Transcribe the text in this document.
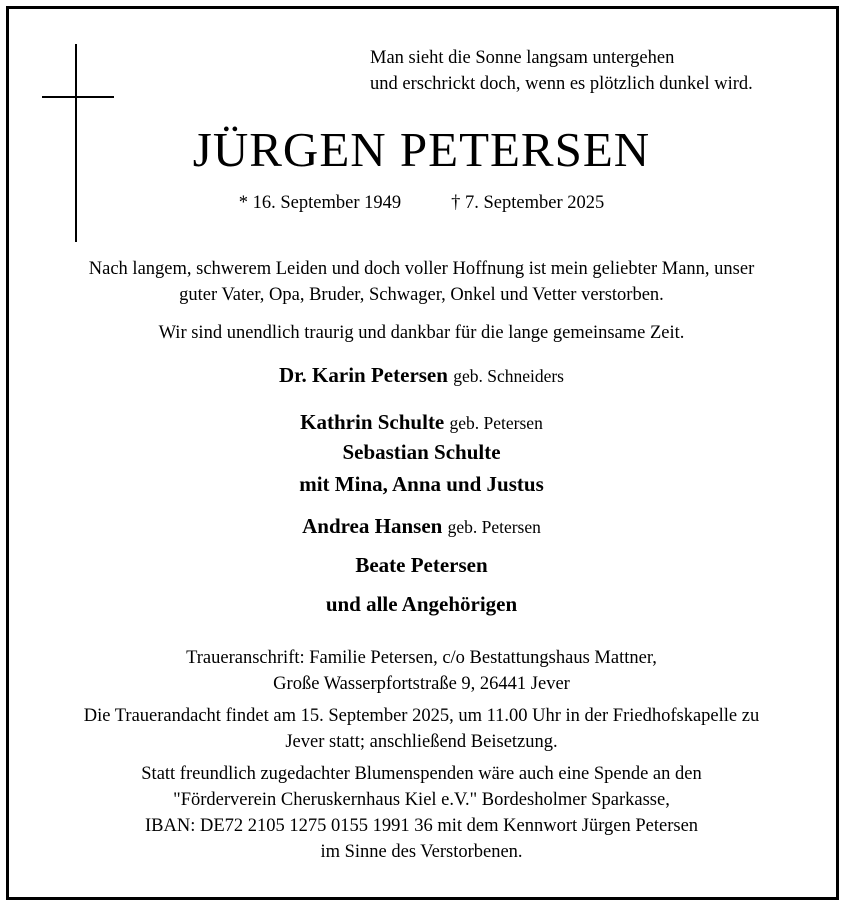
Man sieht die Sonne langsam untergehen
und erschrickt doch, wenn es plötzlich dunkel wird.
JÜRGEN PETERSEN
* 16. September 1949	† 7. September 2025
Nach langem, schwerem Leiden und doch voller Hoffnung ist mein geliebter Mann, unser
guter Vater, Opa, Bruder, Schwager, Onkel und Vetter verstorben.
Wir sind unendlich traurig und dankbar für die lange gemeinsame Zeit.
Dr. Karin Petersen geb. Schneiders
Kathrin Schulte geb. Petersen
Sebastian Schulte
mit Mina, Anna und Justus
Andrea Hansen geb. Petersen
Beate Petersen
und alle Angehörigen
Traueranschrift: Familie Petersen, c/o Bestattungshaus Mattner,
Große Wasserpfortstraße 9, 26441 Jever
Die Trauerandacht findet am 15. September 2025, um 11.00 Uhr in der Friedhofskapelle zu
Jever statt; anschließend Beisetzung.
Statt freundlich zugedachter Blumenspenden wäre auch eine Spende an den
"Förderverein Cheruskernhaus Kiel e.V." Bordesholmer Sparkasse,
IBAN: DE72 2105 1275 0155 1991 36 mit dem Kennwort Jürgen Petersen
im Sinne des Verstorbenen.
